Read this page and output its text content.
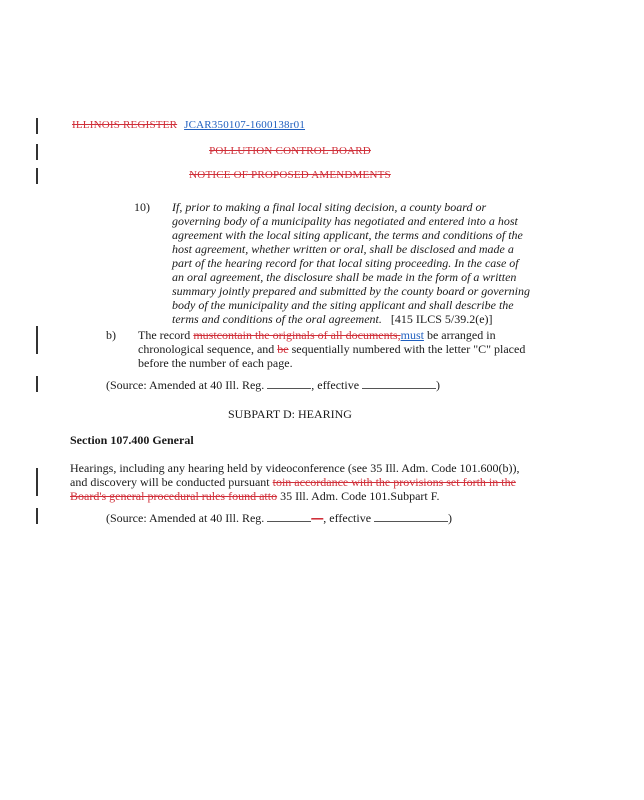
ILLINOIS REGISTER JCAR350107-1600138r01
POLLUTION CONTROL BOARD
NOTICE OF PROPOSED AMENDMENTS
10) If, prior to making a final local siting decision, a county board or
governing body of a municipality has negotiated and entered into a host
agreement with the local siting applicant, the terms and conditions of the
host agreement, whether written or oral, shall be disclosed and made a
part of the hearing record for that local siting proceeding. In the case of
an oral agreement, the disclosure shall be made in the form of a written
summary jointly prepared and submitted by the county board or governing
body of the municipality and the siting applicant and shall describe the
terms and conditions of the oral agreement. [415 ILCS 5/39.2(e)]
b) The record mustcontain the originals of all documents,must be arranged in
chronological sequence, and be sequentially numbered with the letter "C" placed
before the number of each page.
(Source: Amended at 40 Ill. Reg.	, effective	)
SUBPART D: HEARING
Section 107.400 General
Hearings, including any hearing held by videoconference (see 35 Ill. Adm. Code 101.600(b)),
and discovery will be conducted pursuant toin accordance with the provisions set forth in the
Board's general procedural rules found atto 35 Ill. Adm. Code 101.Subpart F.
(Source: Amended at 40 Ill. Reg.	—, effective	)
